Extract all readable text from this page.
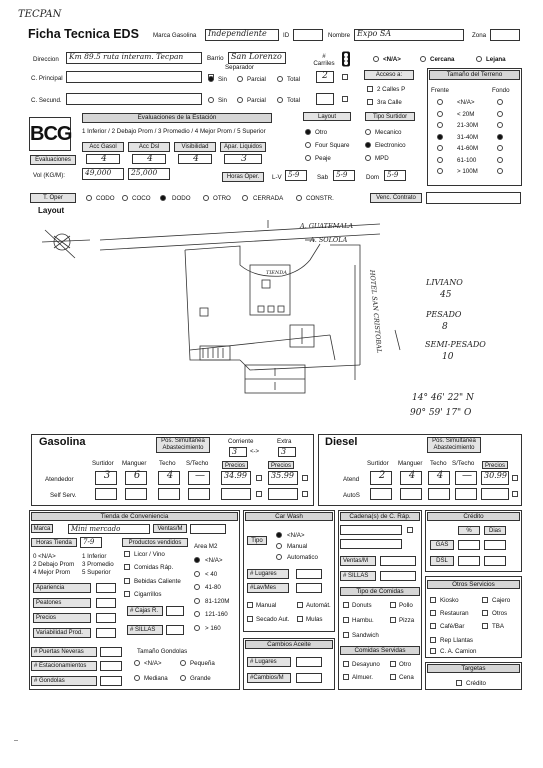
TECPAN
Ficha Tecnica EDS Marca Gasolina	Independiente	ID	Nombre Expo SA	Zona
Direccion	Km 89.5 ruta interam. Tecpan	Barrio San Lorenzo
Separador
# Carriles
<N/A>	Cercana	Lejana
C. Principal	Sin	Parcial	Total	2	Acceso a:
2 Calles P
3ra Calle
C. Secund.	Sin	Parcial	Total
Tamaño del Terreno
Frente	Fondo
<N/A>
< 20M
21-30M
31-40M
41-60M
61-100
> 100M
BCG
Evaluaciones de la Estación
1 Inferior / 2 Debajo Prom / 3 Promedio / 4 Mejor Prom / 5 Superior
Layout	Tipo Surtidor
Otro
Four Square
Peaje
Mecanico
Electronico
MPD
Acc Gasol	Acc Dsl	Visibilidad	Apar. Liquidos
Evaluaciones	4	4	4	3
Vol (KG/M):	49,000	25,000	Horas Oper.	L-V 5-9	Sab	5-9	Dom	5-9
T. Oper	CODO	COCO	DODO	OTRO	CERRADA	CONSTR.	Venc. Contrato
Layout
A. GUATEMALA
A. SOLOLA
TIENDA	HOTEL SAN CRISTOBAL	LIVIANO
45
PESADO
8
SEMI-PESADO
10
14° 46' 22" N
90° 59' 17" O
Gasolina	Pos. Simultanea Abastecimiento
Corriente	Extra
3	<->	3
Surtidor Manguer Techo S/Techo	Precios	Precios
Atendedor	3	6	4	—	34.99	35.99
Self Serv.
Diesel	Pos. Simultanea Abastecimiento
Surtidor Manguer Techo S/Techo	Precios
Atend	2	4	4	—	30.99
AutoS
Tienda de Conveniencia
Marca	Mini mercado	Ventas/M
Horas Tienda	7-9	Productos vendidos	Area M2
0 <N/A>	1 Inferior
2 Debajo Prom 3 Promedio
4 Mejor Prom 5 Superior
Licor / Vino
Comidas Ráp.
Bebidas Caliente
Cigarrillos
<N/A>
< 40
41-80
81-120M
121-160
> 160
Apariencia
Peatones
Precios
Variabilidad Prod.
# Cajas R.
# SILLAS
# Puertas Neveras
# Estacionamientos
# Gondolas
Tamaño Gondolas
<N/A>	Pequeña
Mediana	Grande
Car Wash
Tipo
<N/A>
Manual
Automatico
# Lugares
#Lav/Mes
Manual	Automát.
Secado Aut.	Mulas
Cambios Aceite
# Lugares
#Cambios/M
Cadena(s) de C. Ráp.
Ventas/M
# SILLAS
Tipo de Comidas
Donuts	Pollo
Hambu.	Pizza
Sandwich
Comidas Servidas
Desayuno	Otro
Almuer.	Cena
Crédito
%	Dias
GAS
DSL
Otros Servicios
Kiosko	Cajero
Restauran	Otros
Café/Bar	TBA
Rep Llantas
C. A. Camion
Targetas
Crédito
